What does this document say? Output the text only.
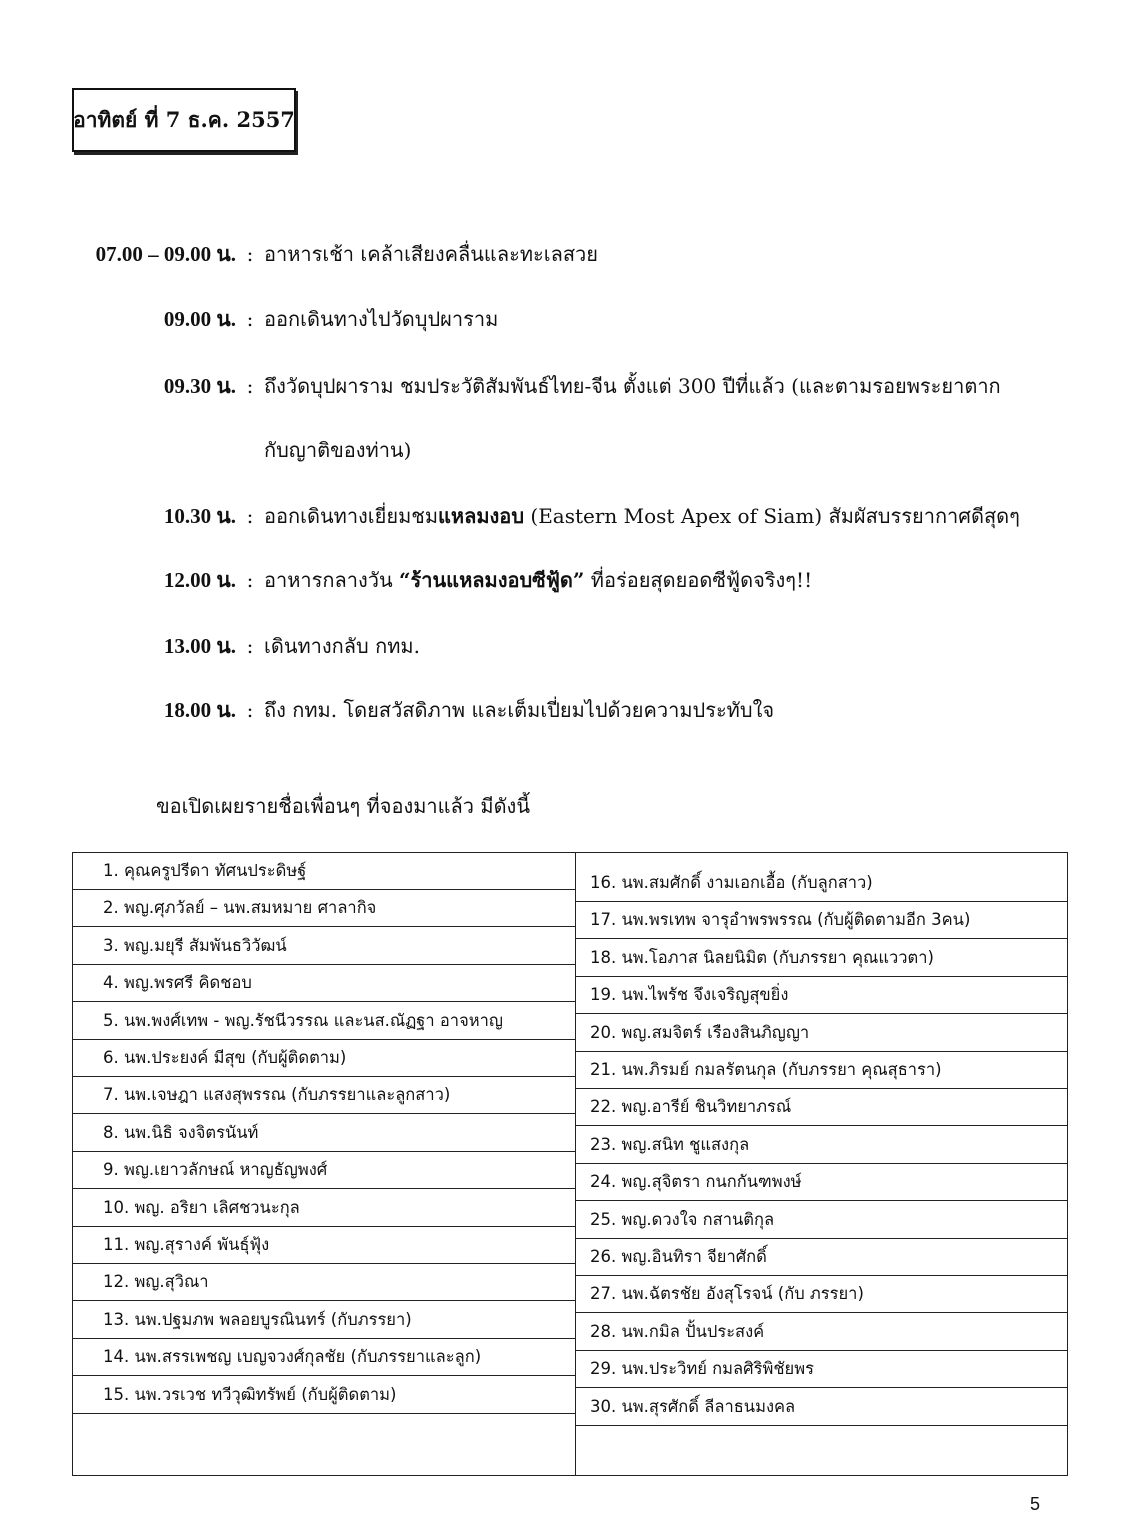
อาทิตย์ ที่ 7 ธ.ค. 2557
07.00 – 09.00 น. : อาหารเช้า เคล้าเสียงคลื่นและทะเลสวย
09.00 น. : ออกเดินทางไปวัดบุปผาราม
09.30 น. : ถึงวัดบุปผาราม ชมประวัติสัมพันธ์ไทย-จีน ตั้งแต่ 300 ปีที่แล้ว (และตามรอยพระยาตาก
กับญาติของท่าน)
10.30 น. : ออกเดินทางเยี่ยมชมแหลมงอบ (Eastern Most Apex of Siam) สัมผัสบรรยากาศดีสุดๆ
12.00 น. : อาหารกลางวัน “ร้านแหลมงอบซีฟู้ด” ที่อร่อยสุดยอดซีฟู้ดจริงๆ!!
13.00 น. : เดินทางกลับ กทม.
18.00 น. : ถึง กทม. โดยสวัสดิภาพ และเต็มเปี่ยมไปด้วยความประทับใจ
ขอเปิดเผยรายชื่อเพื่อนๆ ที่จองมาแล้ว มีดังนี้
1. คุณครูปรีดา ทัศนประดิษฐ์
2. พญ.ศุภวัลย์ – นพ.สมหมาย ศาลากิจ
3. พญ.มยุรี สัมพันธวิวัฒน์
4. พญ.พรศรี คิดชอบ
5. นพ.พงศ์เทพ - พญ.รัชนีวรรณ และนส.ณัฏฐา อาจหาญ
6. นพ.ประยงค์ มีสุข (กับผู้ติดตาม)
7. นพ.เจษฎา แสงสุพรรณ (กับภรรยาและลูกสาว)
8. นพ.นิธิ จงจิตรนันท์
9. พญ.เยาวลักษณ์ หาญธัญพงศ์
10. พญ. อริยา เลิศชวนะกุล
11. พญ.สุรางค์ พันธุ์ฟุ้ง
12. พญ.สุวิณา
13. นพ.ปฐมภพ พลอยบูรณินทร์ (กับภรรยา)
14. นพ.สรรเพชญ เบญจวงศ์กุลชัย (กับภรรยาและลูก)
15. นพ.วรเวช ทวีวุฒิทรัพย์ (กับผู้ติดตาม)
16. นพ.สมศักดิ์ งามเอกเอื้อ (กับลูกสาว)
17. นพ.พรเทพ จารุอำพรพรรณ (กับผู้ติดตามอีก 3คน)
18. นพ.โอภาส นิลยนิมิต (กับภรรยา คุณแววตา)
19. นพ.ไพรัช จึงเจริญสุขยิ่ง
20. พญ.สมจิตร์ เรืองสินภิญญา
21. นพ.ภิรมย์ กมลรัตนกุล (กับภรรยา คุณสุธารา)
22. พญ.อารีย์ ชินวิทยาภรณ์
23. พญ.สนิท ชูแสงกุล
24. พญ.สุจิตรา กนกกันฑพงษ์
25. พญ.ดวงใจ กสานติกุล
26. พญ.อินทิรา จียาศักดิ์
27. นพ.ฉัตรชัย อังสุโรจน์ (กับ ภรรยา)
28. นพ.กมิล ปั้นประสงค์
29. นพ.ประวิทย์ กมลศิริพิชัยพร
30. นพ.สุรศักดิ์ ลีลาธนมงคล
5
